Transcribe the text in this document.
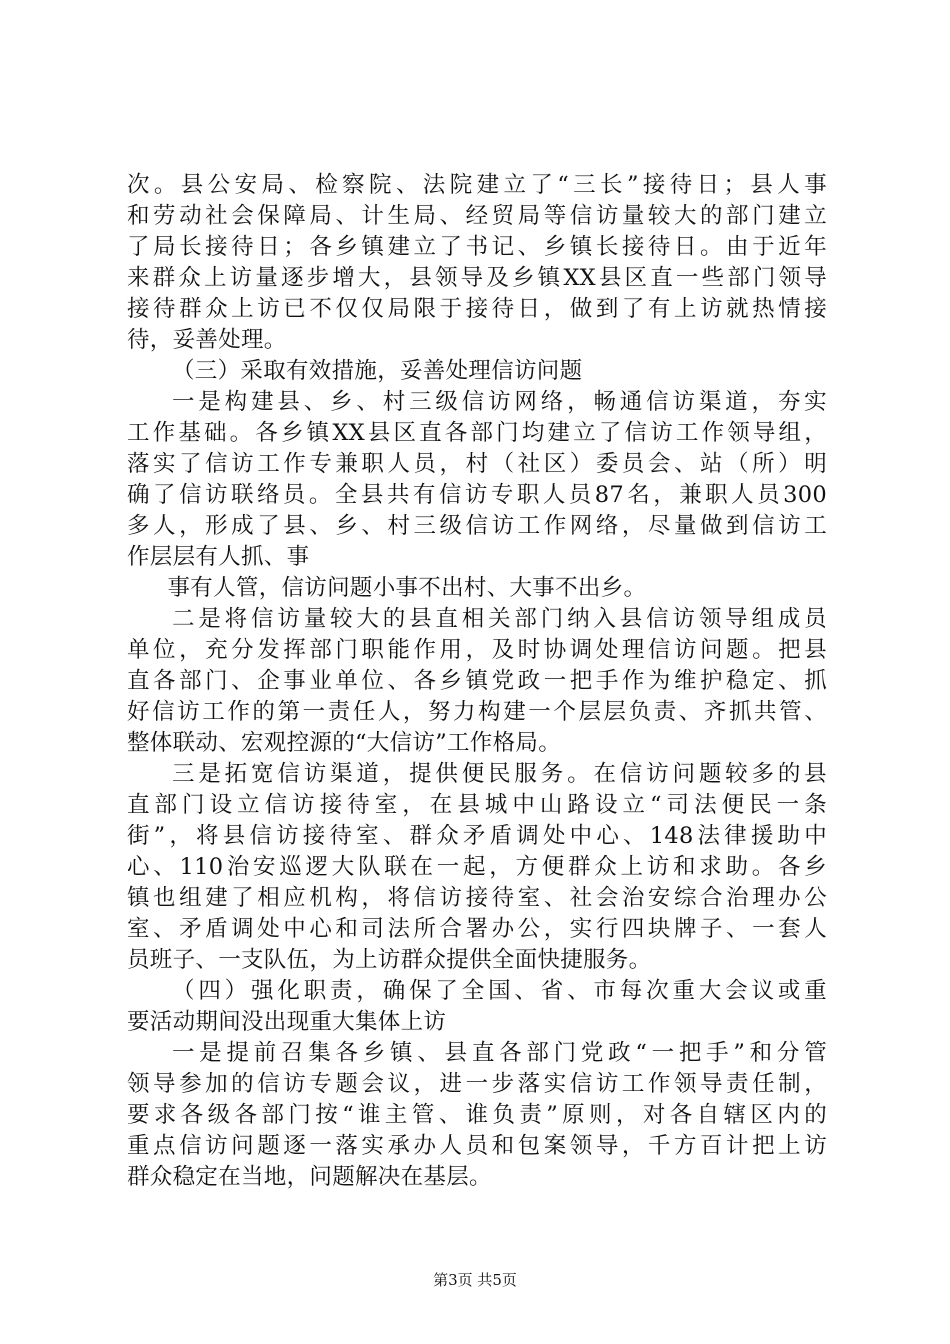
次。县公安局、检察院、法院建立了“三长”接待日；县人事
和劳动社会保障局、计生局、经贸局等信访量较大的部门建立
了局长接待日；各乡镇建立了书记、乡镇长接待日。由于近年
来群众上访量逐步增大，县领导及乡镇XX县区直一些部门领导
接待群众上访已不仅仅局限于接待日，做到了有上访就热情接
待，妥善处理。
（三）采取有效措施，妥善处理信访问题
一是构建县、乡、村三级信访网络，畅通信访渠道，夯实
工作基础。各乡镇XX县区直各部门均建立了信访工作领导组，
落实了信访工作专兼职人员，村（社区）委员会、站（所）明
确了信访联络员。全县共有信访专职人员87名，兼职人员300
多人，形成了县、乡、村三级信访工作网络，尽量做到信访工
作层层有人抓、事
事有人管，信访问题小事不出村、大事不出乡。
二是将信访量较大的县直相关部门纳入县信访领导组成员
单位，充分发挥部门职能作用，及时协调处理信访问题。把县
直各部门、企事业单位、各乡镇党政一把手作为维护稳定、抓
好信访工作的第一责任人，努力构建一个层层负责、齐抓共管、
整体联动、宏观控源的“大信访”工作格局。
三是拓宽信访渠道，提供便民服务。在信访问题较多的县
直部门设立信访接待室，在县城中山路设立“司法便民一条
街”，将县信访接待室、群众矛盾调处中心、148法律援助中
心、110治安巡逻大队联在一起，方便群众上访和求助。各乡
镇也组建了相应机构，将信访接待室、社会治安综合治理办公
室、矛盾调处中心和司法所合署办公，实行四块牌子、一套人
员班子、一支队伍，为上访群众提供全面快捷服务。
（四）强化职责，确保了全国、省、市每次重大会议或重
要活动期间没出现重大集体上访
一是提前召集各乡镇、县直各部门党政“一把手”和分管
领导参加的信访专题会议，进一步落实信访工作领导责任制，
要求各级各部门按“谁主管、谁负责”原则，对各自辖区内的
重点信访问题逐一落实承办人员和包案领导，千方百计把上访
群众稳定在当地，问题解决在基层。
第3页 共5页
